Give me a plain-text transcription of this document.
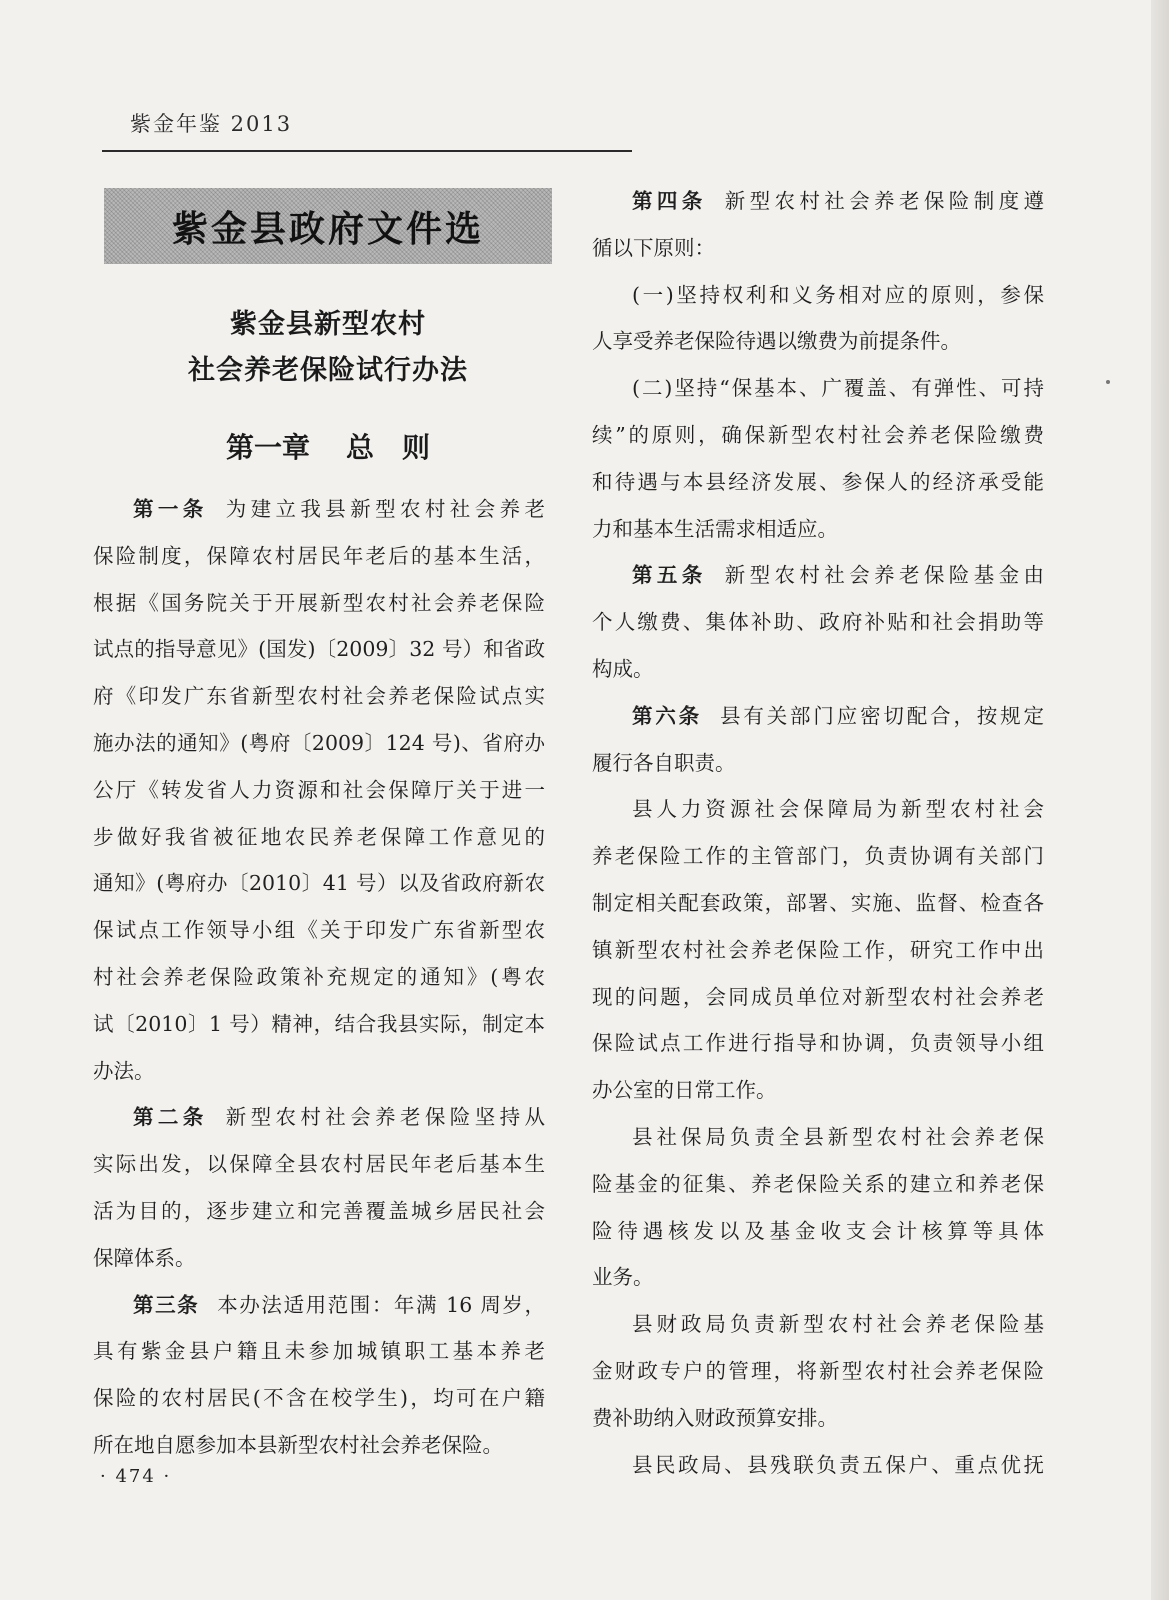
紫金年鉴 2013
紫金县政府文件选
紫金县新型农村
社会养老保险试行办法
第一章 总 则
第一条 为建立我县新型农村社会养老
保险制度，保障农村居民年老后的基本生活，
根据《国务院关于开展新型农村社会养老保险
试点的指导意见》(国发)〔2009〕32 号）和省政
府《印发广东省新型农村社会养老保险试点实
施办法的通知》(粤府〔2009〕124 号)、省府办
公厅《转发省人力资源和社会保障厅关于进一
步做好我省被征地农民养老保障工作意见的
通知》(粤府办〔2010〕41 号）以及省政府新农
保试点工作领导小组《关于印发广东省新型农
村社会养老保险政策补充规定的通知》(粤农
试〔2010〕1 号）精神，结合我县实际，制定本
办法。
第二条 新型农村社会养老保险坚持从
实际出发，以保障全县农村居民年老后基本生
活为目的，逐步建立和完善覆盖城乡居民社会
保障体系。
第三条 本办法适用范围：年满 16 周岁，
具有紫金县户籍且未参加城镇职工基本养老
保险的农村居民(不含在校学生)，均可在户籍
所在地自愿参加本县新型农村社会养老保险。
第四条 新型农村社会养老保险制度遵
循以下原则：
(一)坚持权利和义务相对应的原则，参保
人享受养老保险待遇以缴费为前提条件。
(二)坚持“保基本、广覆盖、有弹性、可持
续”的原则，确保新型农村社会养老保险缴费
和待遇与本县经济发展、参保人的经济承受能
力和基本生活需求相适应。
第五条 新型农村社会养老保险基金由
个人缴费、集体补助、政府补贴和社会捐助等
构成。
第六条 县有关部门应密切配合，按规定
履行各自职责。
县人力资源社会保障局为新型农村社会
养老保险工作的主管部门，负责协调有关部门
制定相关配套政策，部署、实施、监督、检查各
镇新型农村社会养老保险工作，研究工作中出
现的问题，会同成员单位对新型农村社会养老
保险试点工作进行指导和协调，负责领导小组
办公室的日常工作。
县社保局负责全县新型农村社会养老保
险基金的征集、养老保险关系的建立和养老保
险待遇核发以及基金收支会计核算等具体
业务。
县财政局负责新型农村社会养老保险基
金财政专户的管理，将新型农村社会养老保险
费补助纳入财政预算安排。
县民政局、县残联负责五保户、重点优抚
· 474 ·
